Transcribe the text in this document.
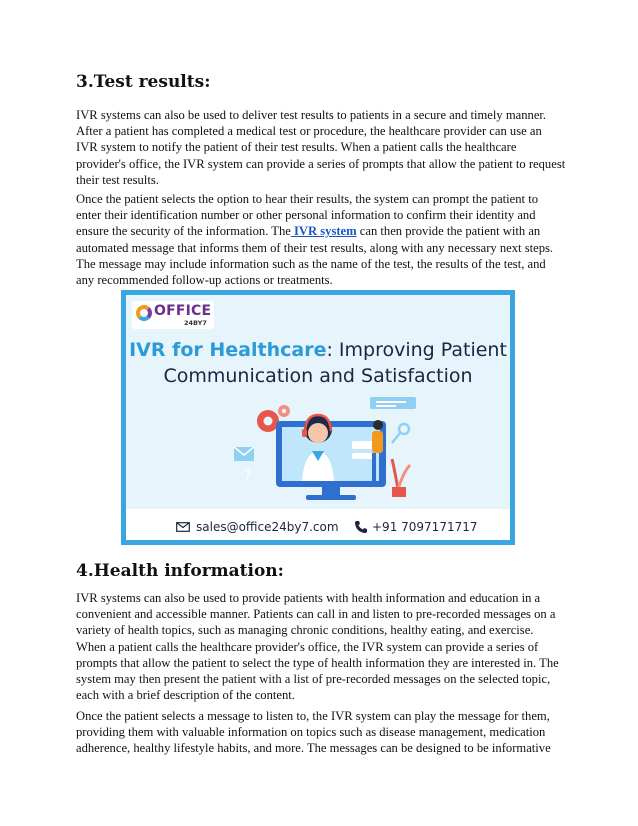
3.Test results:

IVR systems can also be used to deliver test results to patients in a secure and timely manner. After a patient has completed a medical test or procedure, the healthcare provider can use an IVR system to notify the patient of their test results. When a patient calls the healthcare provider's office, the IVR system can provide a series of prompts that allow the patient to request their test results.

Once the patient selects the option to hear their results, the system can prompt the patient to enter their identification number or other personal information to confirm their identity and ensure the security of the information. The IVR system can then provide the patient with an automated message that informs them of their test results, along with any necessary next steps. The message may include information such as the name of the test, the results of the test, and any recommended follow-up actions or treatments.

4.Health information:

IVR systems can also be used to provide patients with health information and education in a convenient and accessible manner. Patients can call in and listen to pre-recorded messages on a variety of health topics, such as managing chronic conditions, healthy eating, and exercise. When a patient calls the healthcare provider's office, the IVR system can provide a series of prompts that allow the patient to select the type of health information they are interested in. The system may then present the patient with a list of pre-recorded messages on the selected topic, each with a brief description of the content.

Once the patient selects a message to listen to, the IVR system can play the message for them, providing them with valuable information on topics such as disease management, medication adherence, healthy lifestyle habits, and more. The messages can be designed to be informative

OFFICE
24BY7
IVR for Healthcare: Improving Patient
Communication and Satisfaction
?
sales@office24by7.com	+91 7097171717
